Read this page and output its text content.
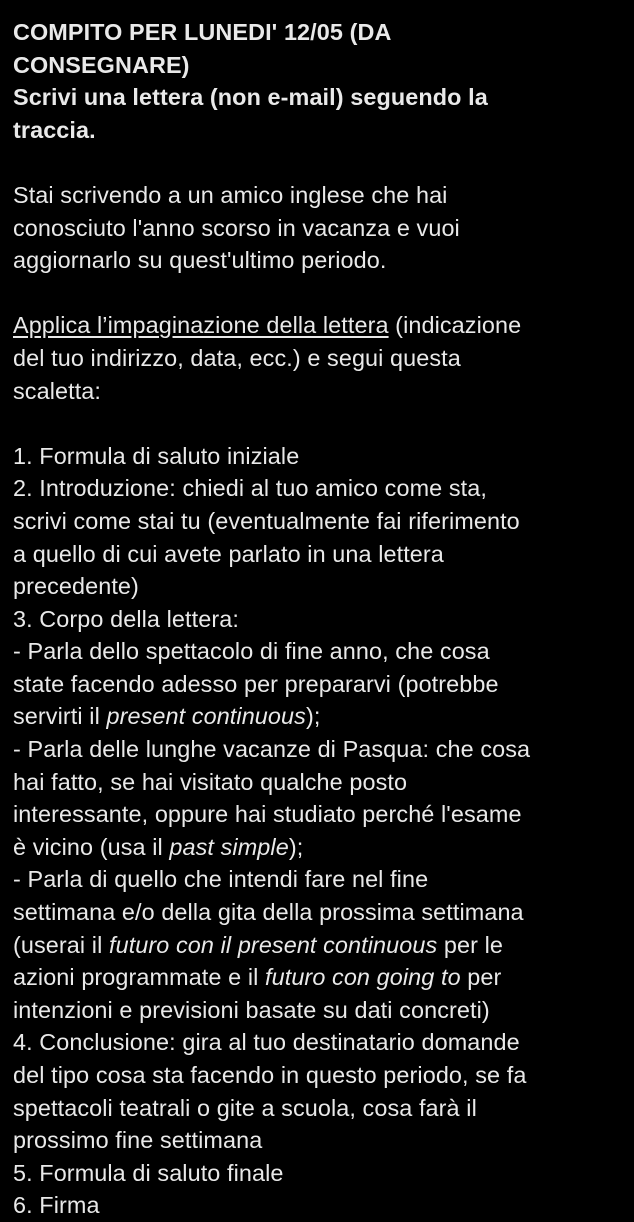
COMPITO PER LUNEDI' 12/05 (DA
CONSEGNARE)
Scrivi una lettera (non e-mail) seguendo la
traccia.
Stai scrivendo a un amico inglese che hai
conosciuto l'anno scorso in vacanza e vuoi
aggiornarlo su quest'ultimo periodo.
Applica l’impaginazione della lettera (indicazione
del tuo indirizzo, data, ecc.) e segui questa
scaletta:
1. Formula di saluto iniziale
2. Introduzione: chiedi al tuo amico come sta,
scrivi come stai tu (eventualmente fai riferimento
a quello di cui avete parlato in una lettera
precedente)
3. Corpo della lettera:
- Parla dello spettacolo di fine anno, che cosa
state facendo adesso per prepararvi (potrebbe
servirti il present continuous);
- Parla delle lunghe vacanze di Pasqua: che cosa
hai fatto, se hai visitato qualche posto
interessante, oppure hai studiato perché l'esame
è vicino (usa il past simple);
- Parla di quello che intendi fare nel fine
settimana e/o della gita della prossima settimana
(userai il futuro con il present continuous per le
azioni programmate e il futuro con going to per
intenzioni e previsioni basate su dati concreti)
4. Conclusione: gira al tuo destinatario domande
del tipo cosa sta facendo in questo periodo, se fa
spettacoli teatrali o gite a scuola, cosa farà il
prossimo fine settimana
5. Formula di saluto finale
6. Firma
